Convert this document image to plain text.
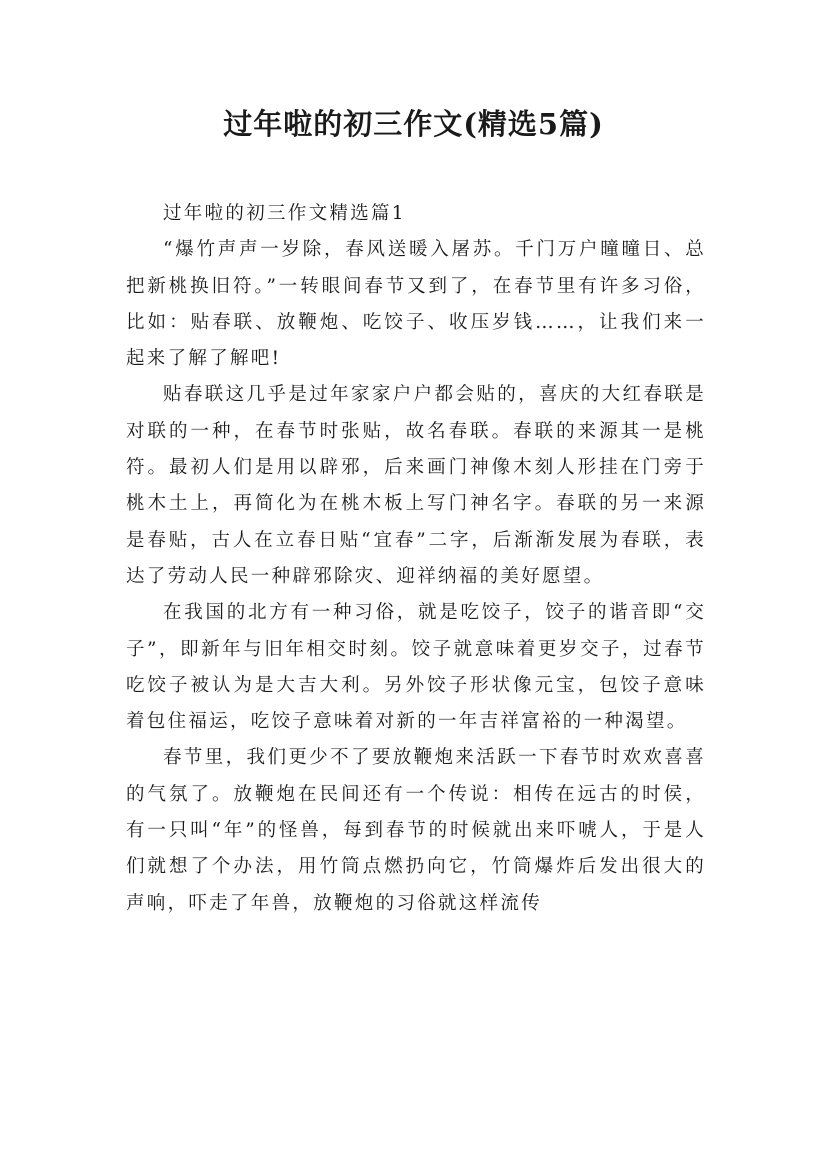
过年啦的初三作文(精选5篇)

过年啦的初三作文精选篇1

“爆竹声声一岁除，春风送暖入屠苏。千门万户曈曈日、总把新桃换旧符。”一转眼间春节又到了，在春节里有许多习俗，比如：贴春联、放鞭炮、吃饺子、收压岁钱……，让我们来一起来了解了解吧!

贴春联这几乎是过年家家户户都会贴的，喜庆的大红春联是对联的一种，在春节时张贴，故名春联。春联的来源其一是桃符。最初人们是用以辟邪，后来画门神像木刻人形挂在门旁于桃木土上，再简化为在桃木板上写门神名字。春联的另一来源是春贴，古人在立春日贴“宜春”二字，后渐渐发展为春联，表达了劳动人民一种辟邪除灾、迎祥纳福的美好愿望。

在我国的北方有一种习俗，就是吃饺子，饺子的谐音即“交子”，即新年与旧年相交时刻。饺子就意味着更岁交子，过春节吃饺子被认为是大吉大利。另外饺子形状像元宝，包饺子意味着包住福运，吃饺子意味着对新的一年吉祥富裕的一种渴望。

春节里，我们更少不了要放鞭炮来活跃一下春节时欢欢喜喜的气氛了。放鞭炮在民间还有一个传说：相传在远古的时侯，有一只叫“年”的怪兽，每到春节的时候就出来吓唬人，于是人们就想了个办法，用竹筒点燃扔向它，竹筒爆炸后发出很大的声响，吓走了年兽，放鞭炮的习俗就这样流传
